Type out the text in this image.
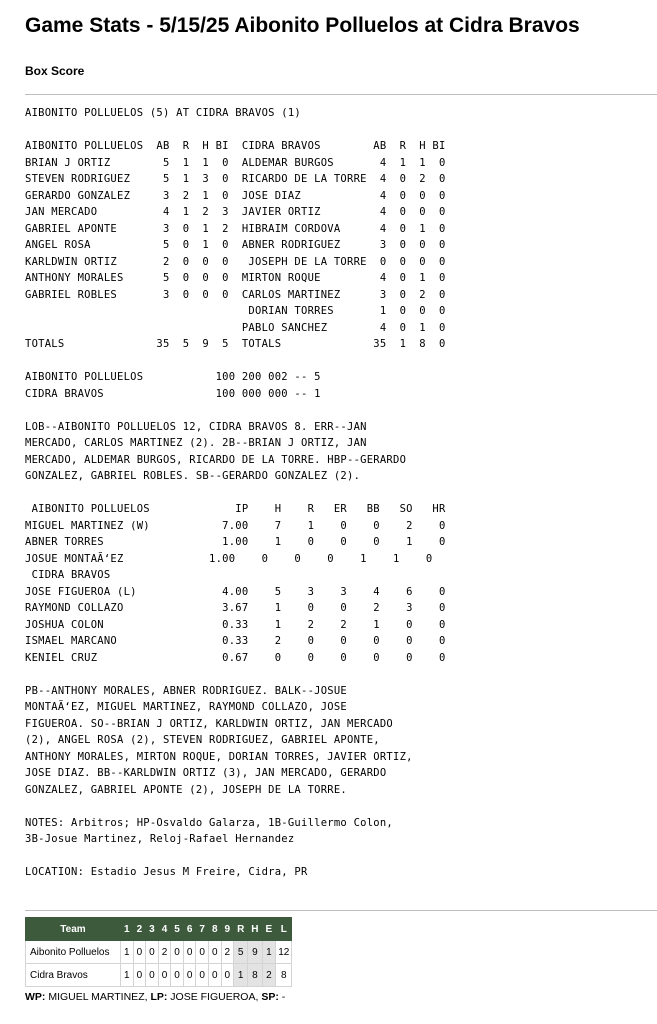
Game Stats - 5/15/25 Aibonito Polluelos at Cidra Bravos
Box Score
AIBONITO POLLUELOS (5) AT CIDRA BRAVOS (1)

AIBONITO POLLUELOS  AB  R  H BI  CIDRA BRAVOS        AB  R  H BI
BRIAN J ORTIZ        5  1  1  0  ALDEMAR BURGOS       4  1  1  0
STEVEN RODRIGUEZ     5  1  3  0  RICARDO DE LA TORRE  4  0  2  0
GERARDO GONZALEZ     3  2  1  0  JOSE DIAZ            4  0  0  0
JAN MERCADO          4  1  2  3  JAVIER ORTIZ         4  0  0  0
GABRIEL APONTE       3  0  1  2  HIBRAIM CORDOVA      4  0  1  0
ANGEL ROSA           5  0  1  0  ABNER RODRIGUEZ      3  0  0  0
KARLDWIN ORTIZ       2  0  0  0   JOSEPH DE LA TORRE  0  0  0  0
ANTHONY MORALES      5  0  0  0  MIRTON ROQUE         4  0  1  0
GABRIEL ROBLES       3  0  0  0  CARLOS MARTINEZ      3  0  2  0
DORIAN TORRES       1  0  0  0
PABLO SANCHEZ        4  0  1  0
TOTALS              35  5  9  5  TOTALS              35  1  8  0

AIBONITO POLLUELOS           100 200 002 -- 5
CIDRA BRAVOS                 100 000 000 -- 1

LOB--AIBONITO POLLUELOS 12, CIDRA BRAVOS 8. ERR--JAN
MERCADO, CARLOS MARTINEZ (2). 2B--BRIAN J ORTIZ, JAN
MERCADO, ALDEMAR BURGOS, RICARDO DE LA TORRE. HBP--GERARDO
GONZALEZ, GABRIEL ROBLES. SB--GERARDO GONZALEZ (2).

AIBONITO POLLUELOS             IP    H    R   ER   BB   SO   HR
MIGUEL MARTINEZ (W)           7.00    7    1    0    0    2    0
ABNER TORRES                  1.00    1    0    0    0    1    0
JOSUE MONTAÃ‘EZ             1.00    0    0    0    1    1    0
CIDRA BRAVOS
JOSE FIGUEROA (L)             4.00    5    3    3    4    6    0
RAYMOND COLLAZO               3.67    1    0    0    2    3    0
JOSHUA COLON                  0.33    1    2    2    1    0    0
ISMAEL MARCANO                0.33    2    0    0    0    0    0
KENIEL CRUZ                   0.67    0    0    0    0    0    0

PB--ANTHONY MORALES, ABNER RODRIGUEZ. BALK--JOSUE
MONTAÃ‘EZ, MIGUEL MARTINEZ, RAYMOND COLLAZO, JOSE
FIGUEROA. SO--BRIAN J ORTIZ, KARLDWIN ORTIZ, JAN MERCADO
(2), ANGEL ROSA (2), STEVEN RODRIGUEZ, GABRIEL APONTE,
ANTHONY MORALES, MIRTON ROQUE, DORIAN TORRES, JAVIER ORTIZ,
JOSE DIAZ. BB--KARLDWIN ORTIZ (3), JAN MERCADO, GERARDO
GONZALEZ, GABRIEL APONTE (2), JOSEPH DE LA TORRE.

NOTES: Arbitros; HP-Osvaldo Galarza, 1B-Guillermo Colon,
3B-Josue Martinez, Reloj-Rafael Hernandez

LOCATION: Estadio Jesus M Freire, Cidra, PR
Team	1	2	3	4	5	6	7	8	9	R	H	E	L
Aibonito Polluelos	1	0	0	2	0	0	0	0	2	5	9	1	12
Cidra Bravos	1	0	0	0	0	0	0	0	0	1	8	2	8
WP: MIGUEL MARTINEZ, LP: JOSE FIGUEROA, SP: -
